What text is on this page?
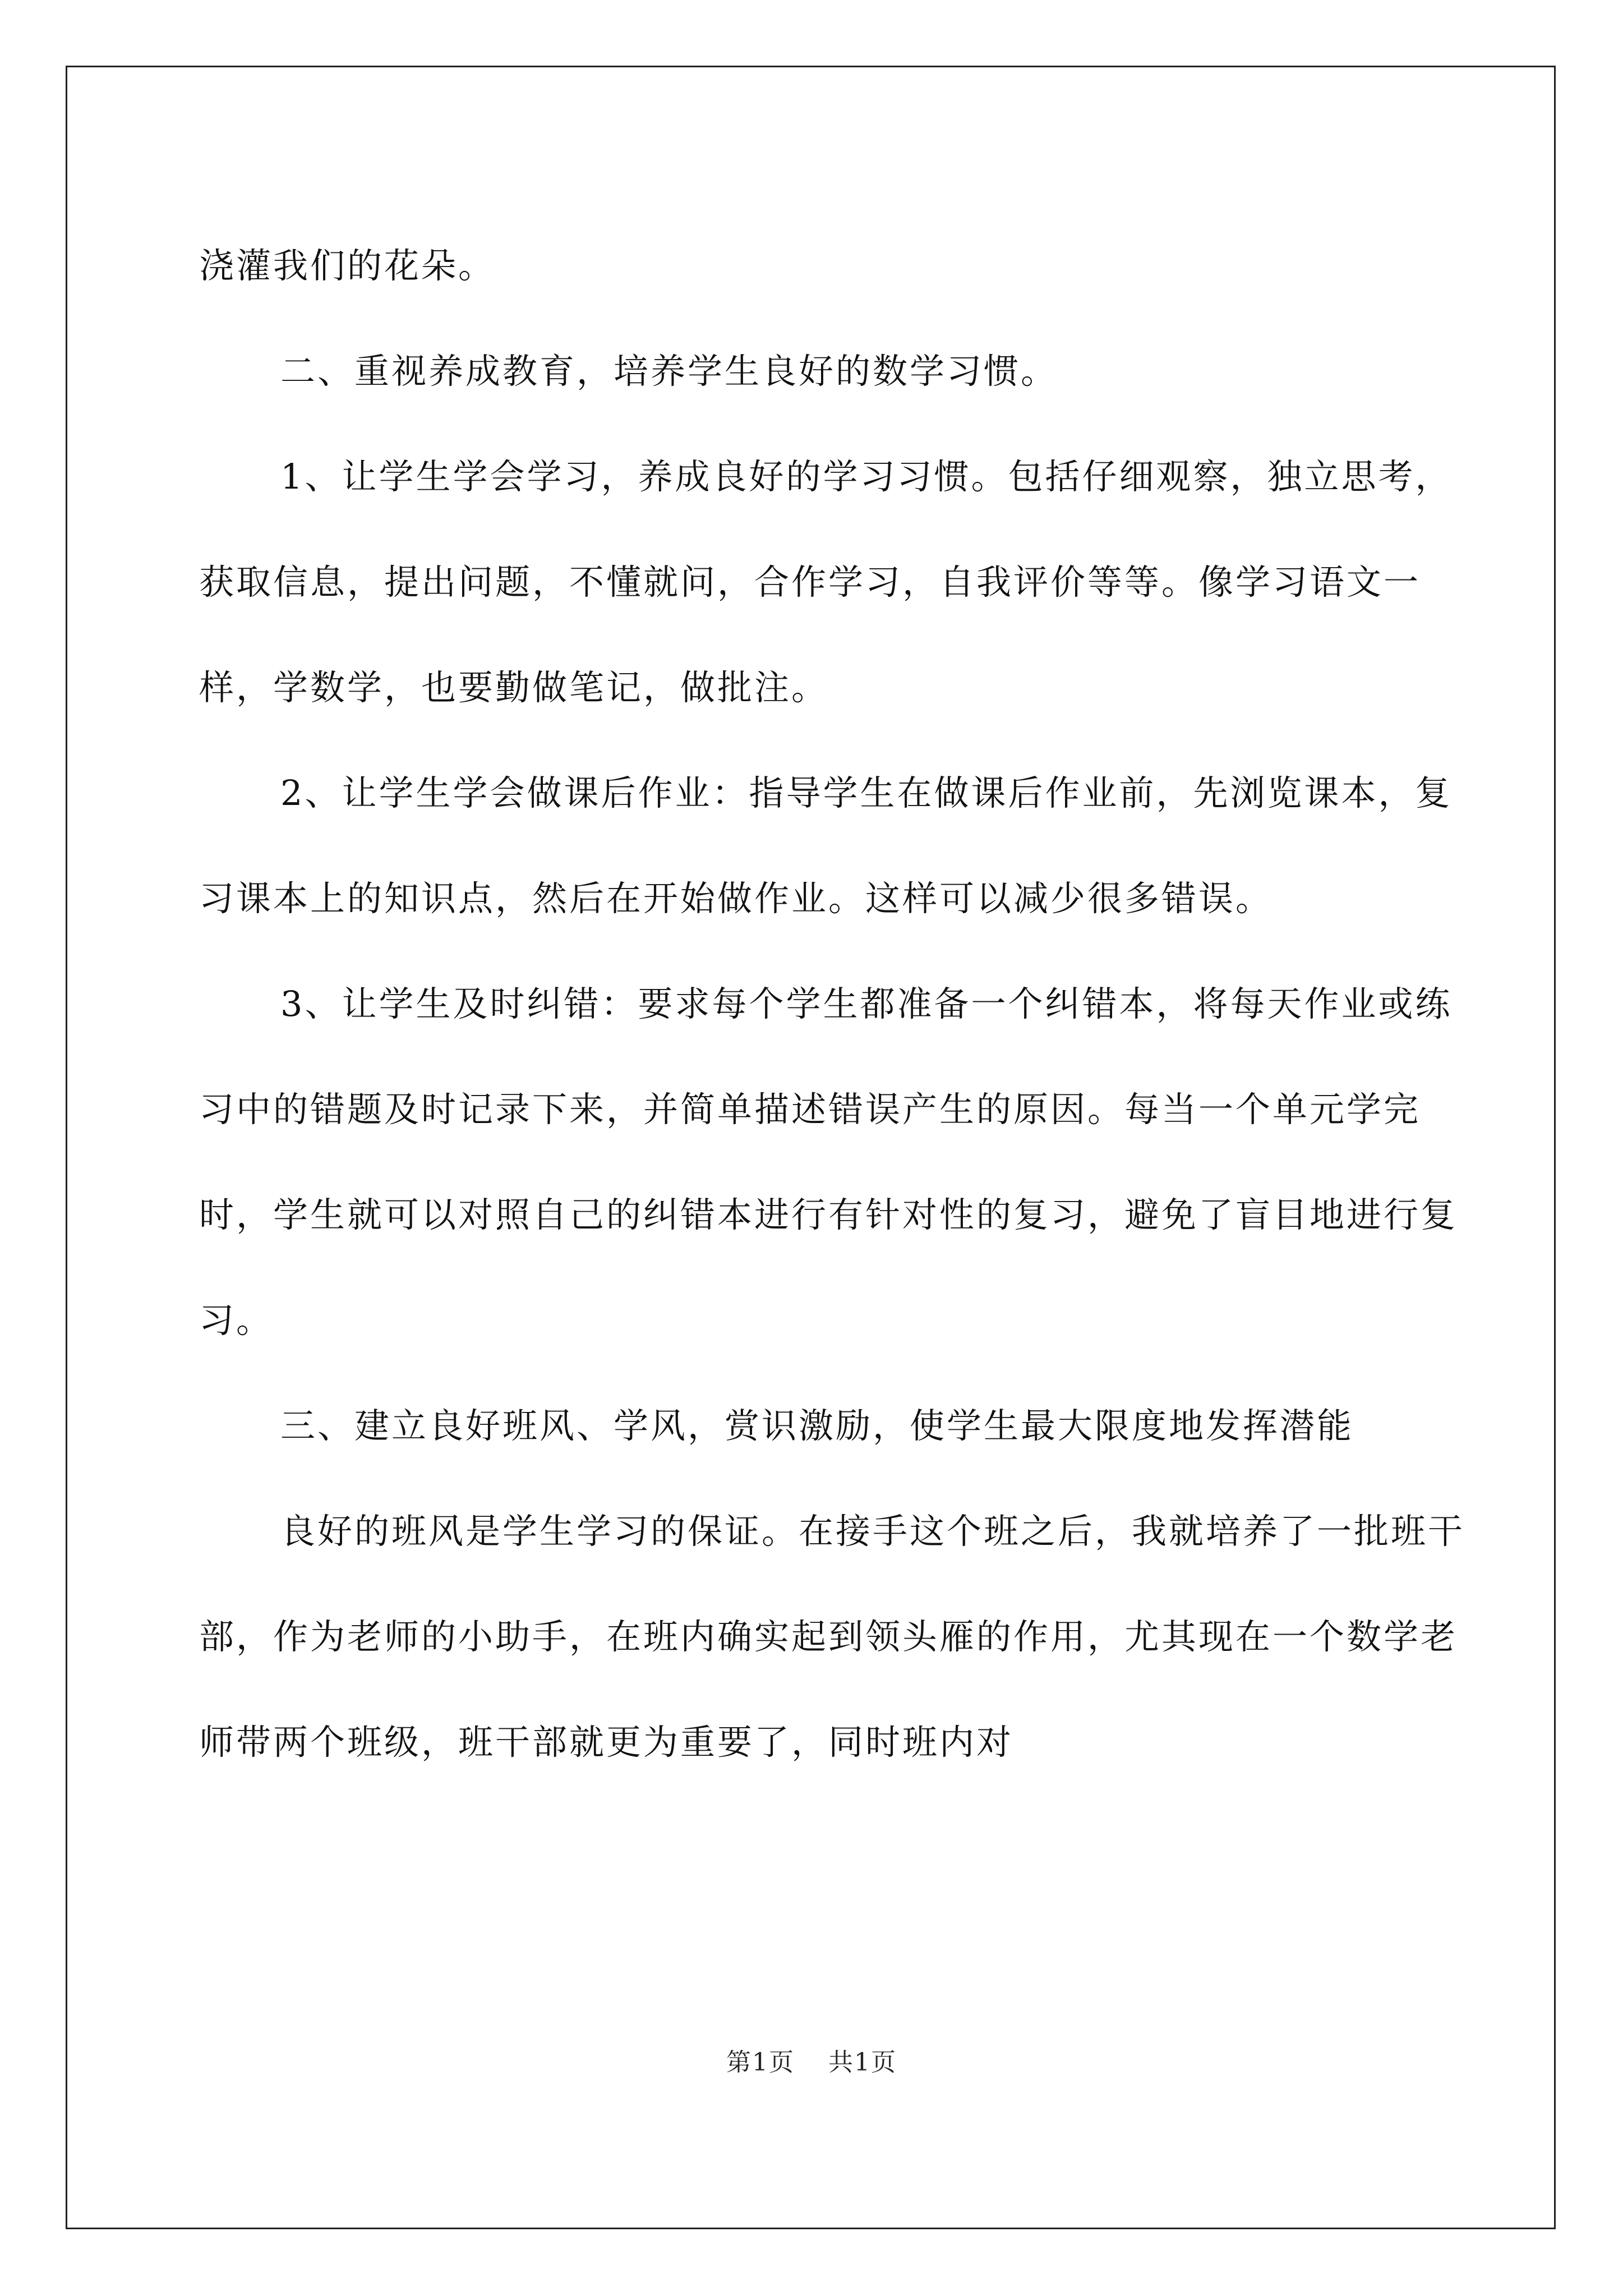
浇灌我们的花朵。

二、重视养成教育，培养学生良好的数学习惯。

1、让学生学会学习，养成良好的学习习惯。包括仔细观察，独立思考，获取信息，提出问题，不懂就问，合作学习，自我评价等等。像学习语文一样，学数学，也要勤做笔记，做批注。

2、让学生学会做课后作业：指导学生在做课后作业前，先浏览课本，复习课本上的知识点，然后在开始做作业。这样可以减少很多错误。

3、让学生及时纠错：要求每个学生都准备一个纠错本，将每天作业或练习中的错题及时记录下来，并简单描述错误产生的原因。每当一个单元学完时，学生就可以对照自己的纠错本进行有针对性的复习，避免了盲目地进行复习。

三、建立良好班风、学风，赏识激励，使学生最大限度地发挥潜能

良好的班风是学生学习的保证。在接手这个班之后，我就培养了一批班干部，作为老师的小助手，在班内确实起到领头雁的作用，尤其现在一个数学老师带两个班级，班干部就更为重要了，同时班内对

第1页 共1页
